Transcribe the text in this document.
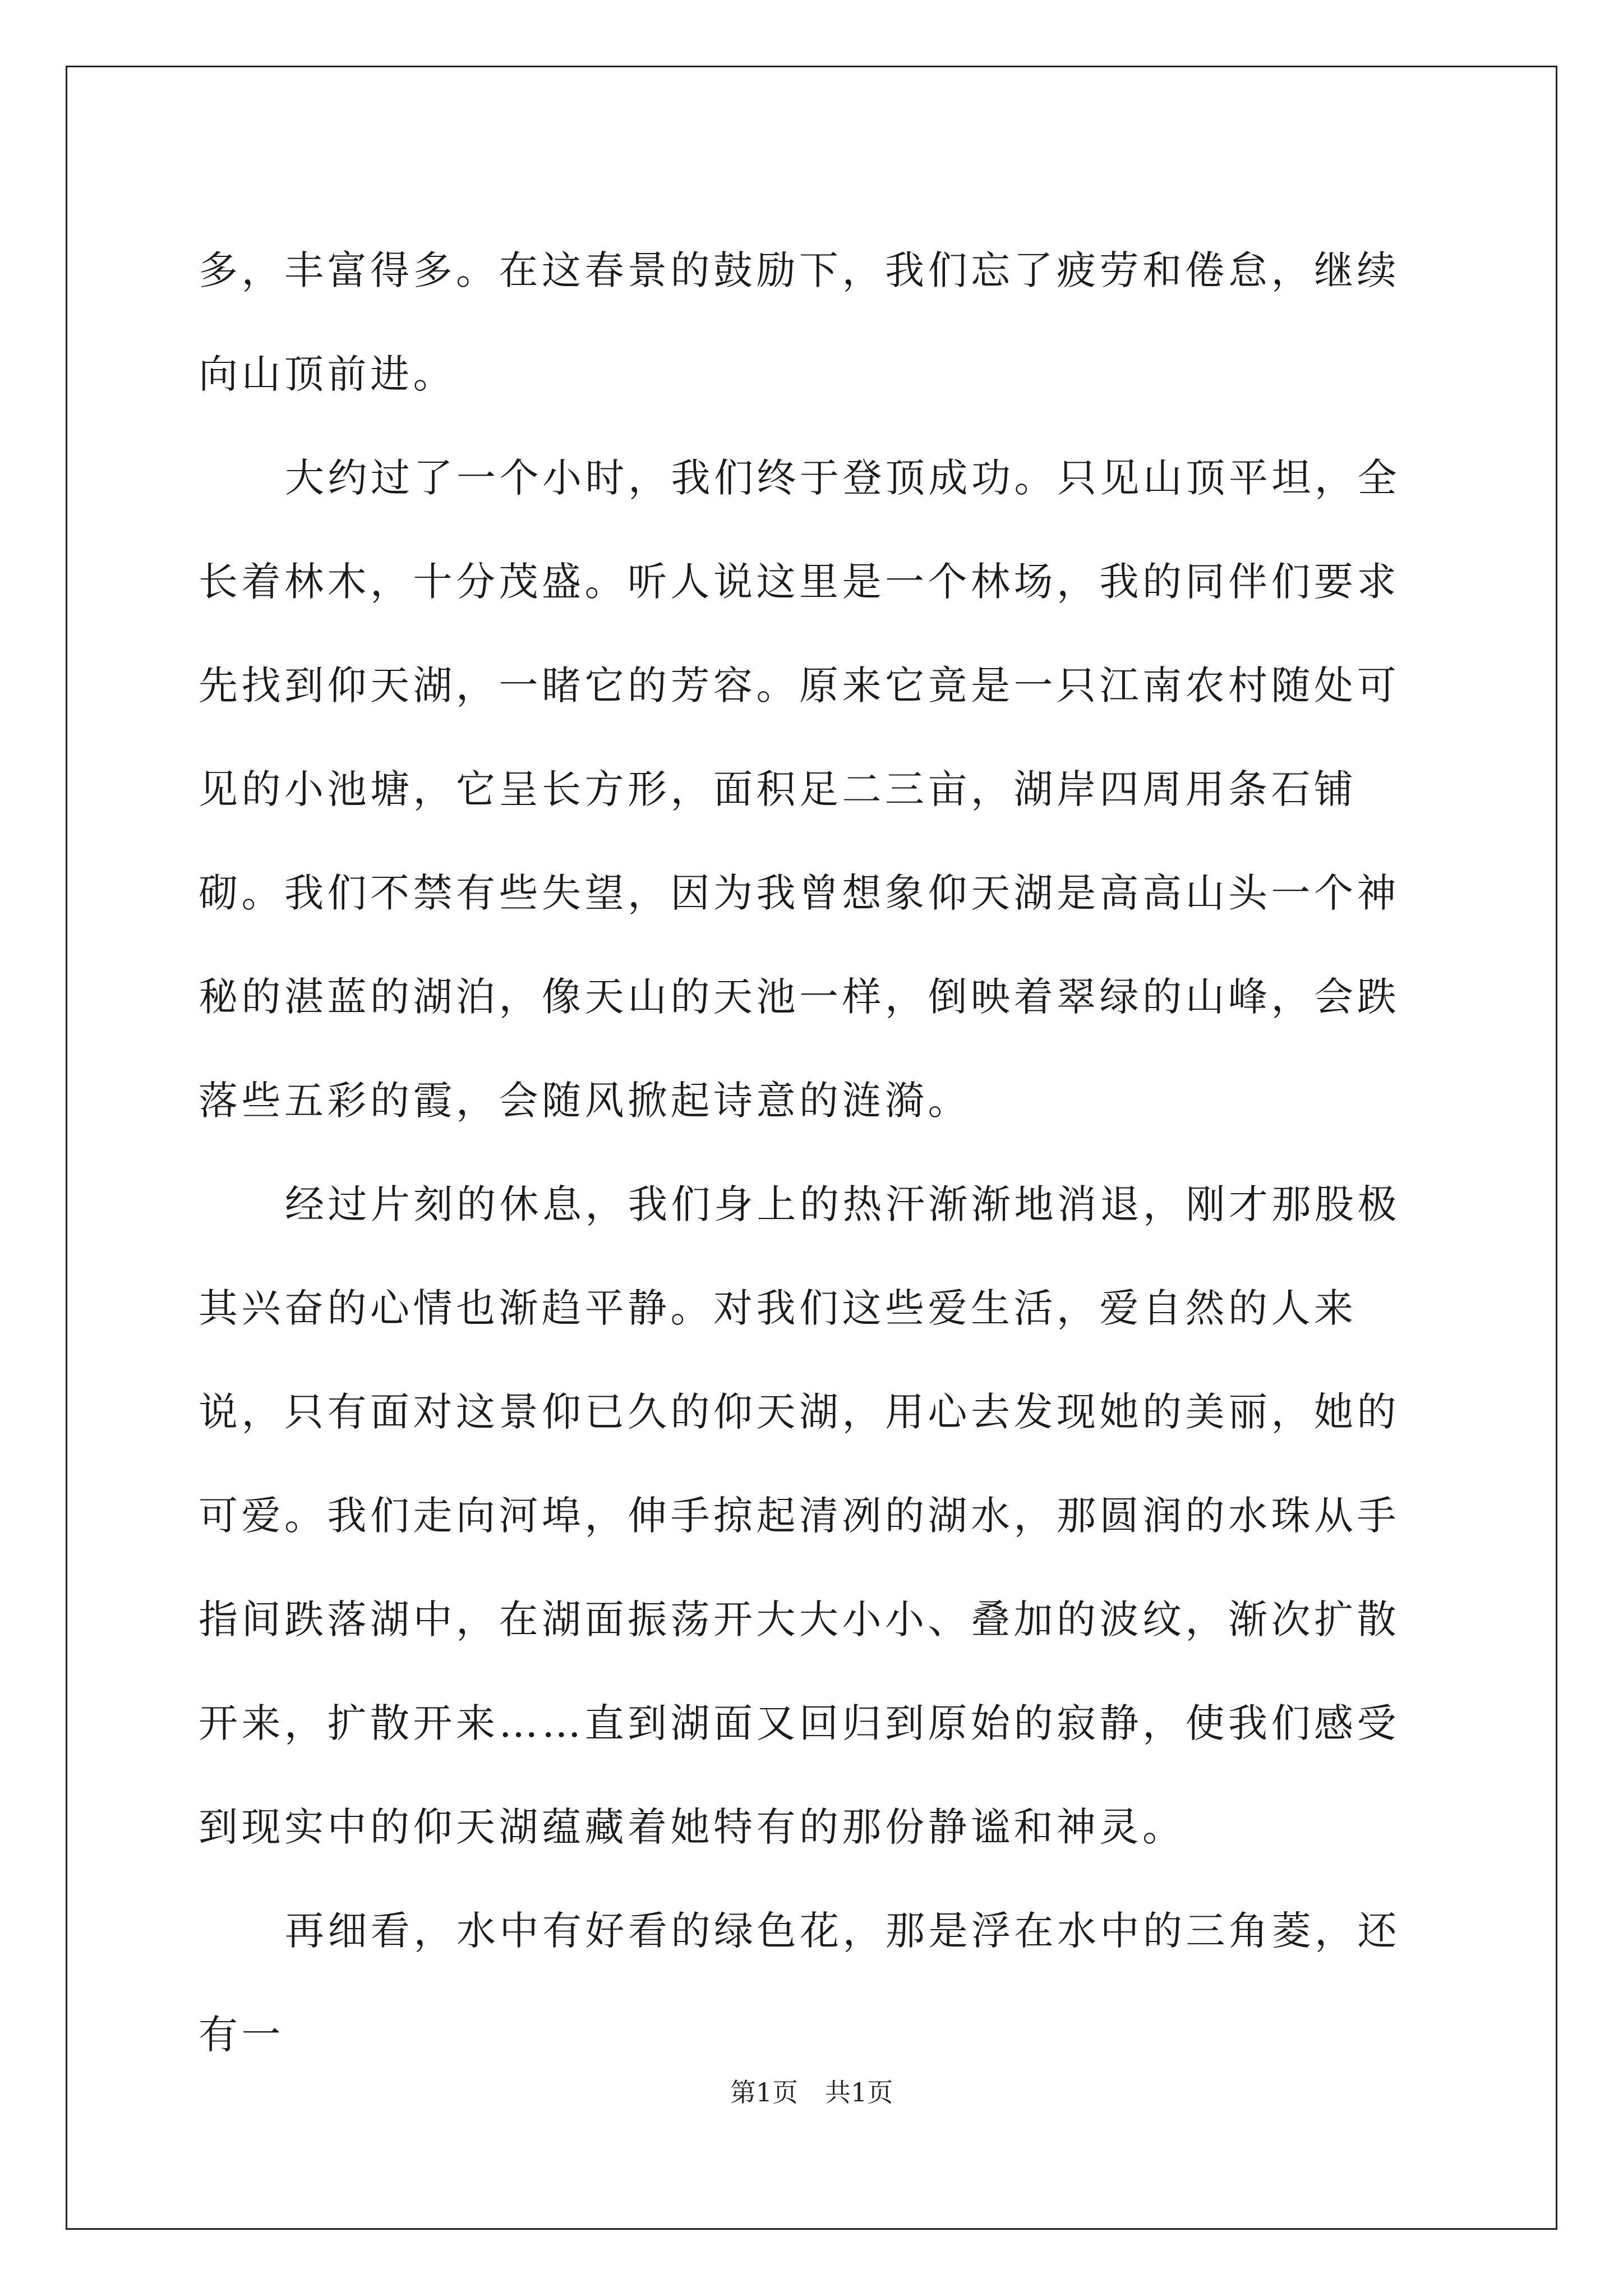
多，丰富得多。在这春景的鼓励下，我们忘了疲劳和倦怠，继续向山顶前进。

大约过了一个小时，我们终于登顶成功。只见山顶平坦，全长着林木，十分茂盛。听人说这里是一个林场，我的同伴们要求先找到仰天湖，一睹它的芳容。原来它竟是一只江南农村随处可见的小池塘，它呈长方形，面积足二三亩，湖岸四周用条石铺砌。我们不禁有些失望，因为我曾想象仰天湖是高高山头一个神秘的湛蓝的湖泊，像天山的天池一样，倒映着翠绿的山峰，会跌落些五彩的霞，会随风掀起诗意的涟漪。

经过片刻的休息，我们身上的热汗渐渐地消退，刚才那股极其兴奋的心情也渐趋平静。对我们这些爱生活，爱自然的人来说，只有面对这景仰已久的仰天湖，用心去发现她的美丽，她的可爱。我们走向河埠，伸手掠起清冽的湖水，那圆润的水珠从手指间跌落湖中，在湖面振荡开大大小小、叠加的波纹，渐次扩散开来，扩散开来……直到湖面又回归到原始的寂静，使我们感受到现实中的仰天湖蕴藏着她特有的那份静谧和神灵。

再细看，水中有好看的绿色花，那是浮在水中的三角菱，还有一

第1页 共1页
